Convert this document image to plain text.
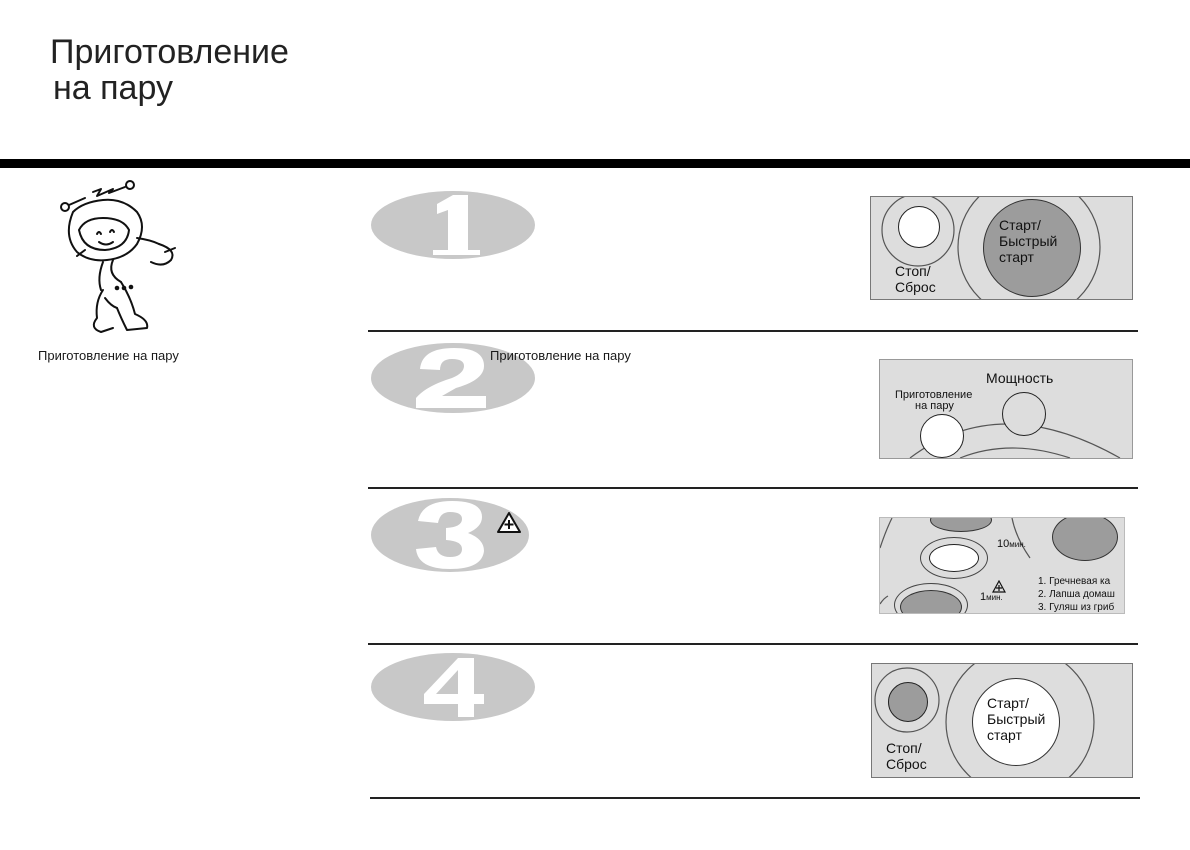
Приготовление
на пару
Приготовление на пару	Приготовление на пару
Старт/
Быстрый
старт
Стоп/
Сброс
Мощность
Приготовление
на пару
10мин.
1мин.
1. Гречневая ка
2. Лапша домаш
3. Гуляш из гриб
Старт/
Быстрый
старт
Стоп/
Сброс
